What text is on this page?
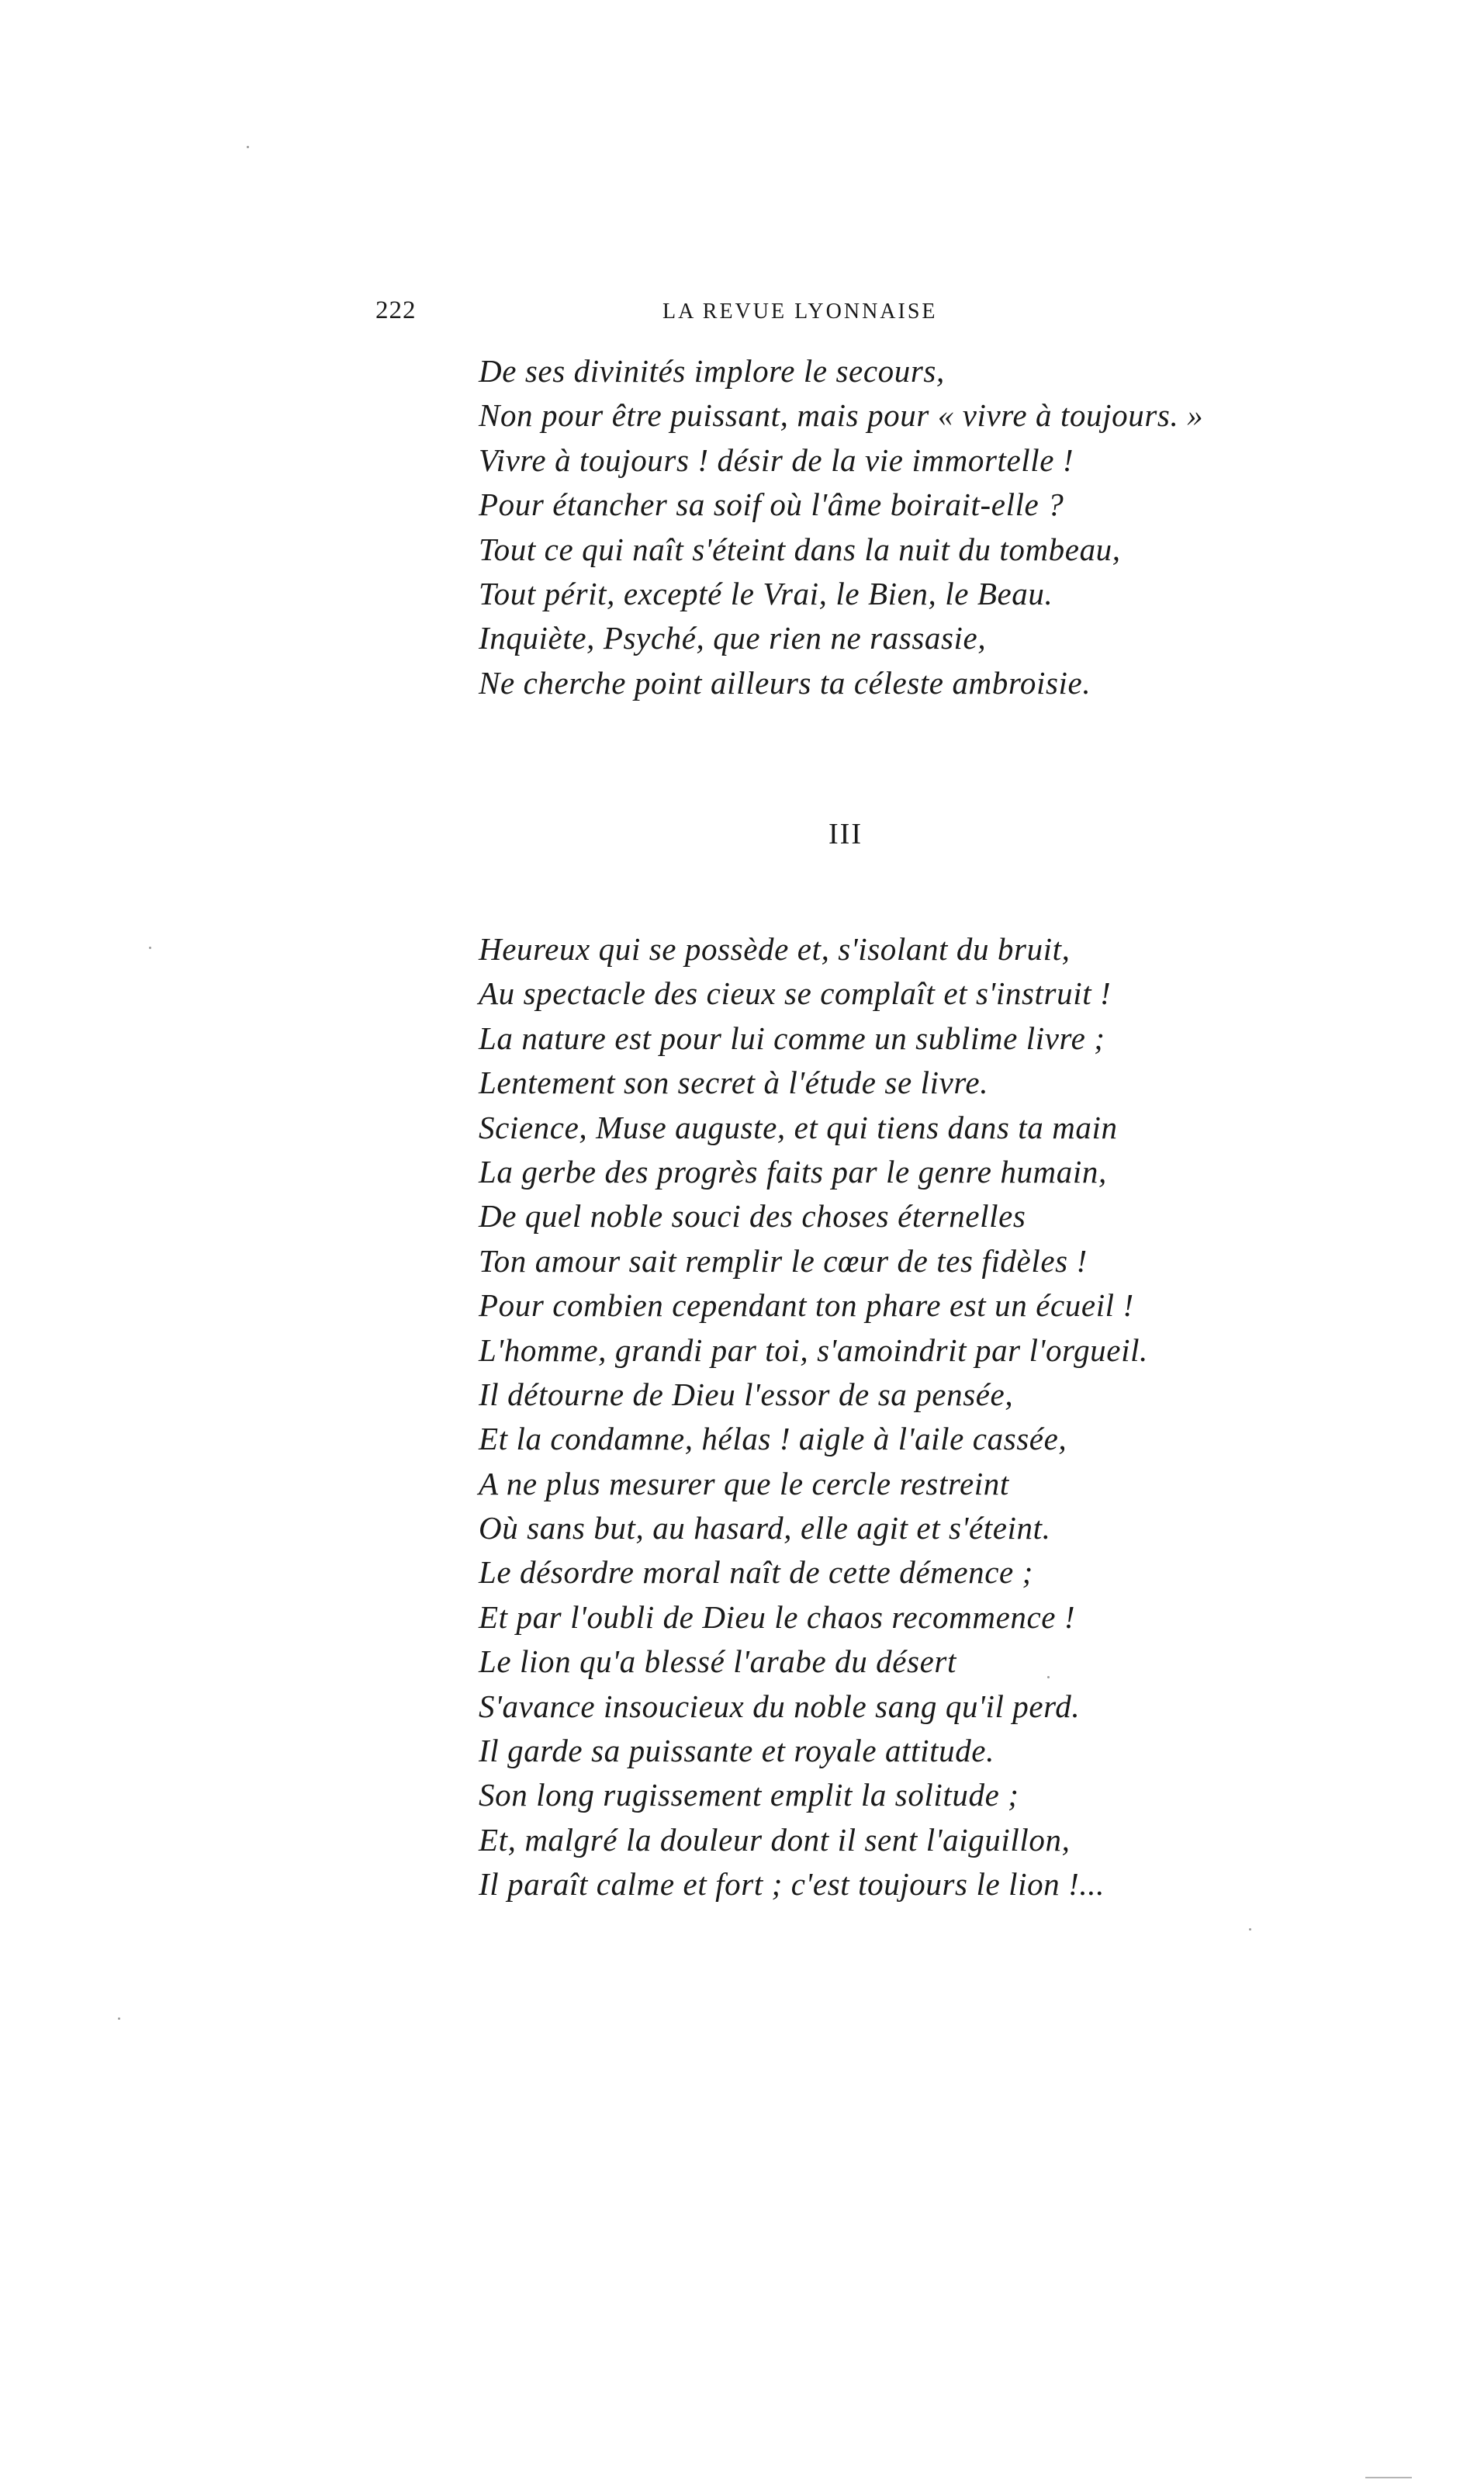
222	LA REVUE LYONNAISE
De ses divinités implore le secours,
Non pour être puissant, mais pour « vivre à toujours. »
Vivre à toujours ! désir de la vie immortelle !
Pour étancher sa soif où l'âme boirait-elle ?
Tout ce qui naît s'éteint dans la nuit du tombeau,
Tout périt, excepté le Vrai, le Bien, le Beau.
Inquiète, Psyché, que rien ne rassasie,
Ne cherche point ailleurs ta céleste ambroisie.
III
Heureux qui se possède et, s'isolant du bruit,
Au spectacle des cieux se complaît et s'instruit !
La nature est pour lui comme un sublime livre ;
Lentement son secret à l'étude se livre.
Science, Muse auguste, et qui tiens dans ta main
La gerbe des progrès faits par le genre humain,
De quel noble souci des choses éternelles
Ton amour sait remplir le cœur de tes fidèles !
Pour combien cependant ton phare est un écueil !
L'homme, grandi par toi, s'amoindrit par l'orgueil.
Il détourne de Dieu l'essor de sa pensée,
Et la condamne, hélas ! aigle à l'aile cassée,
A ne plus mesurer que le cercle restreint
Où sans but, au hasard, elle agit et s'éteint.
Le désordre moral naît de cette démence ;
Et par l'oubli de Dieu le chaos recommence !
Le lion qu'a blessé l'arabe du désert
S'avance insoucieux du noble sang qu'il perd.
Il garde sa puissante et royale attitude.
Son long rugissement emplit la solitude ;
Et, malgré la douleur dont il sent l'aiguillon,
Il paraît calme et fort ; c'est toujours le lion !...
